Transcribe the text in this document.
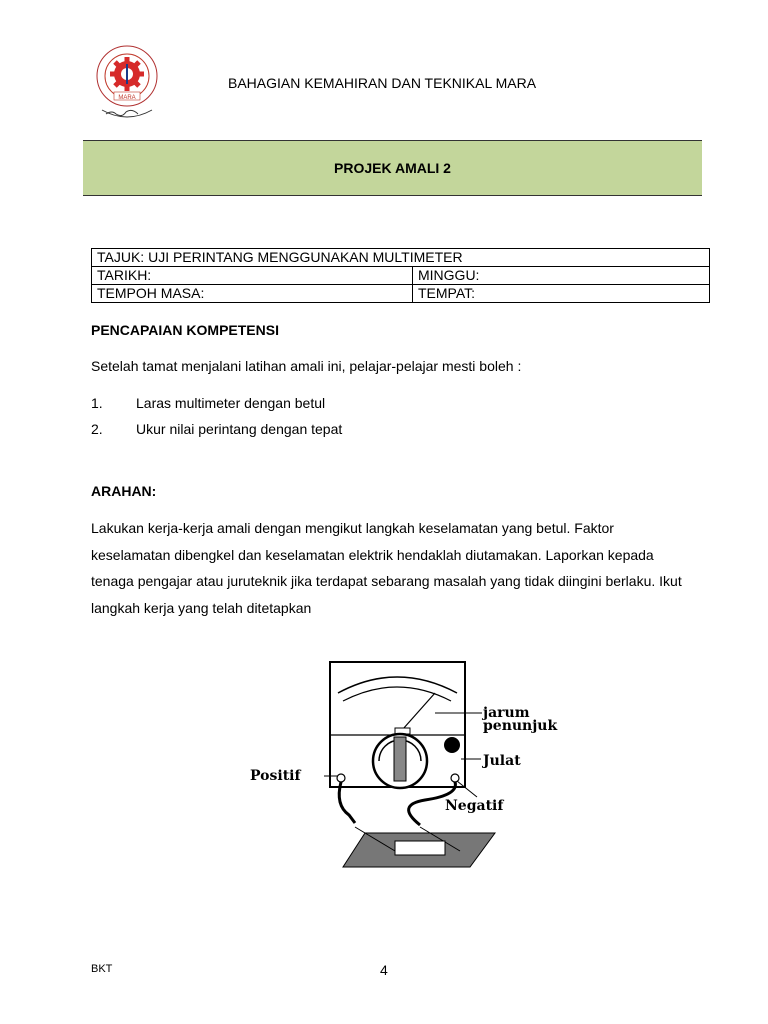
MARA
BAHAGIAN KEMAHIRAN DAN TEKNIKAL MARA
PROJEK AMALI 2
TAJUK: UJI PERINTANG MENGGUNAKAN MULTIMETER	
TARIKH:	MINGGU:
TEMPOH MASA:	TEMPAT:
PENCAPAIAN KOMPETENSI
Setelah tamat menjalani latihan amali ini, pelajar-pelajar mesti boleh :
1. Laras multimeter dengan betul
2. Ukur nilai perintang dengan tepat
ARAHAN:
Lakukan kerja-kerja amali dengan mengikut langkah keselamatan yang betul. Faktor keselamatan dibengkel dan keselamatan elektrik hendaklah diutamakan. Laporkan kepada tenaga pengajar atau juruteknik jika terdapat sebarang masalah yang tidak diingini berlaku. Ikut langkah kerja yang telah ditetapkan
jarum
penunjuk
Julat
Positif
Negatif
BKT	4
